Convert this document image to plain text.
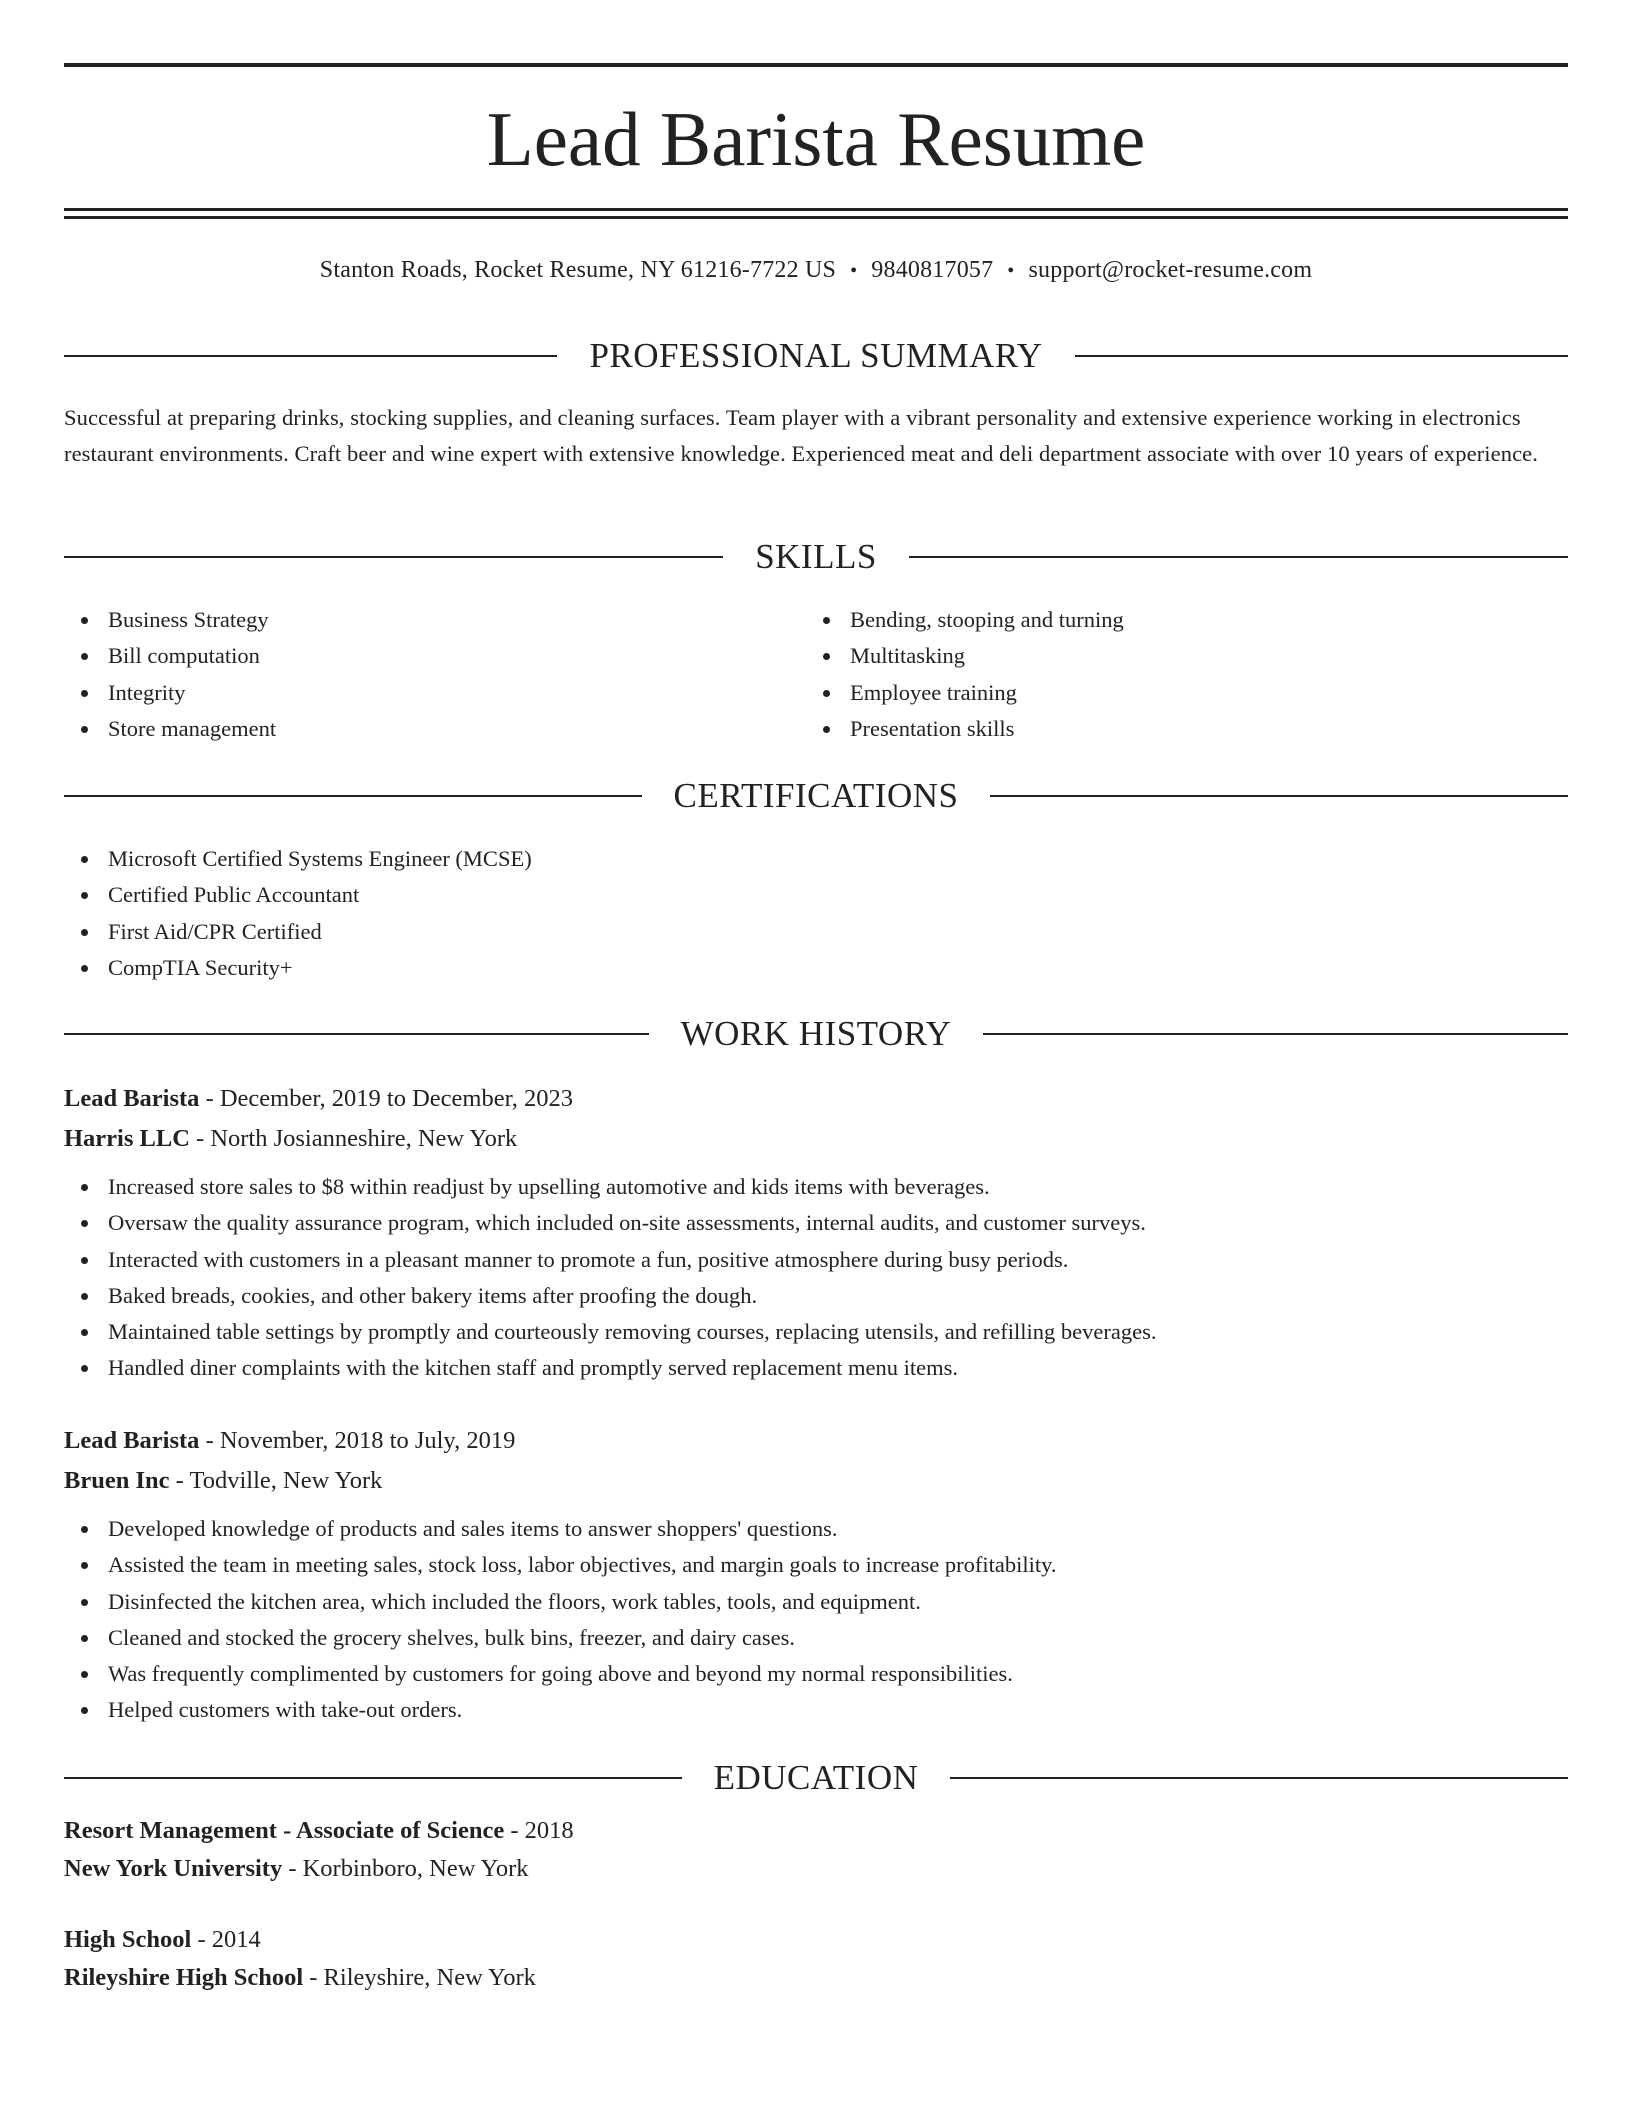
Lead Barista Resume
Stanton Roads, Rocket Resume, NY 61216-7722 US • 9840817057 • support@rocket-resume.com
PROFESSIONAL SUMMARY
Successful at preparing drinks, stocking supplies, and cleaning surfaces. Team player with a vibrant personality and extensive experience working in electronics restaurant environments. Craft beer and wine expert with extensive knowledge. Experienced meat and deli department associate with over 10 years of experience.
SKILLS
Business Strategy
Bill computation
Integrity
Store management
Bending, stooping and turning
Multitasking
Employee training
Presentation skills
CERTIFICATIONS
Microsoft Certified Systems Engineer (MCSE)
Certified Public Accountant
First Aid/CPR Certified
CompTIA Security+
WORK HISTORY
Lead Barista - December, 2019 to December, 2023
Harris LLC - North Josianneshire, New York
Increased store sales to $8 within readjust by upselling automotive and kids items with beverages.
Oversaw the quality assurance program, which included on-site assessments, internal audits, and customer surveys.
Interacted with customers in a pleasant manner to promote a fun, positive atmosphere during busy periods.
Baked breads, cookies, and other bakery items after proofing the dough.
Maintained table settings by promptly and courteously removing courses, replacing utensils, and refilling beverages.
Handled diner complaints with the kitchen staff and promptly served replacement menu items.
Lead Barista - November, 2018 to July, 2019
Bruen Inc - Todville, New York
Developed knowledge of products and sales items to answer shoppers' questions.
Assisted the team in meeting sales, stock loss, labor objectives, and margin goals to increase profitability.
Disinfected the kitchen area, which included the floors, work tables, tools, and equipment.
Cleaned and stocked the grocery shelves, bulk bins, freezer, and dairy cases.
Was frequently complimented by customers for going above and beyond my normal responsibilities.
Helped customers with take-out orders.
EDUCATION
Resort Management - Associate of Science - 2018
New York University - Korbinboro, New York
High School - 2014
Rileyshire High School - Rileyshire, New York
